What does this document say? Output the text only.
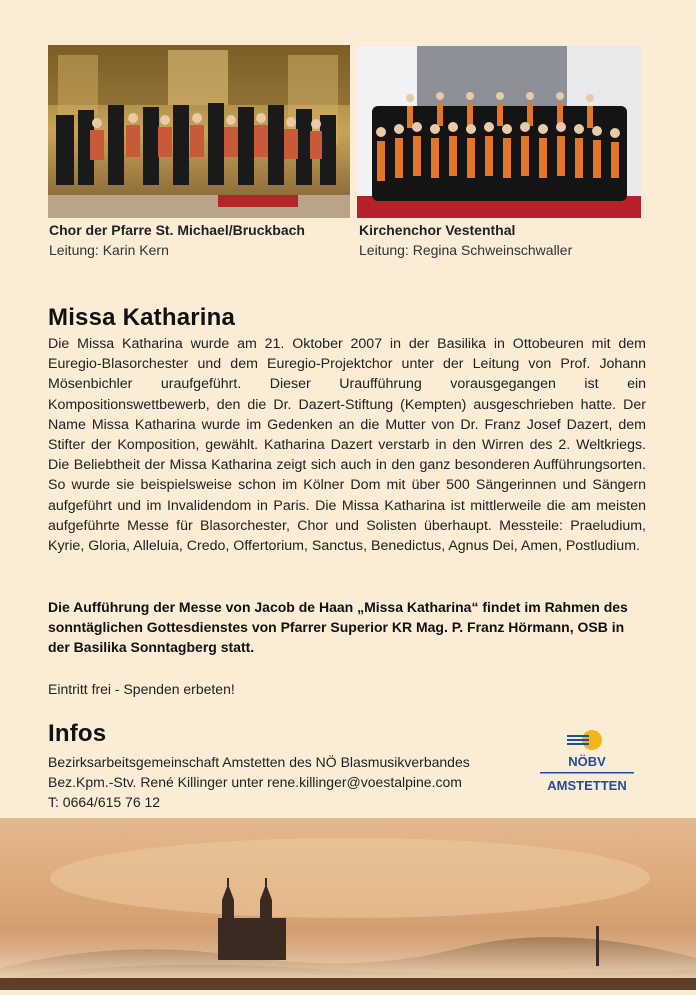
Chor der Pfarre St. Michael/Bruckbach
Leitung: Karin Kern
Kirchenchor Vestenthal
Leitung: Regina Schweinschwaller
Missa Katharina

Die Missa Katharina wurde am 21. Oktober 2007 in der Basilika in Ottobeuren mit dem Euregio-Blasorchester und dem Euregio-Projektchor unter der Leitung von Prof. Johann Mösenbichler uraufgeführt. Dieser Uraufführung vorausgegangen ist ein Kompositionswettbewerb, den die Dr. Dazert-Stiftung (Kempten) ausgeschrieben hatte. Der Name Missa Katharina wurde im Gedenken an die Mutter von Dr. Franz Josef Dazert, dem Stifter der Komposition, gewählt. Katharina Dazert verstarb in den Wirren des 2. Weltkriegs. Die Beliebtheit der Missa Katharina zeigt sich auch in den ganz besonderen Aufführungsorten. So wurde sie beispielsweise schon im Kölner Dom mit über 500 Sängerinnen und Sängern aufgeführt und im Invalidendom in Paris. Die Missa Katharina ist mittlerweile die am meisten aufgeführte Messe für Blasorchester, Chor und Solisten überhaupt. Messteile: Praeludium, Kyrie, Gloria, Alleluia, Credo, Offertorium, Sanctus, Benedictus, Agnus Dei, Amen, Postludium.

Die Aufführung der Messe von Jacob de Haan „Missa Katharina“ findet im Rahmen des sonntäglichen Gottesdienstes von Pfarrer Superior KR Mag. P. Franz Hörmann, OSB in der Basilika Sonntagberg statt.

Eintritt frei - Spenden erbeten!

Infos
Bezirksarbeitsgemeinschaft Amstetten des NÖ Blasmusikverbandes
Bez.Kpm.-Stv. René Killinger unter rene.killinger@voestalpine.com
T: 0664/615 76 12
NÖBV
AMSTETTEN
